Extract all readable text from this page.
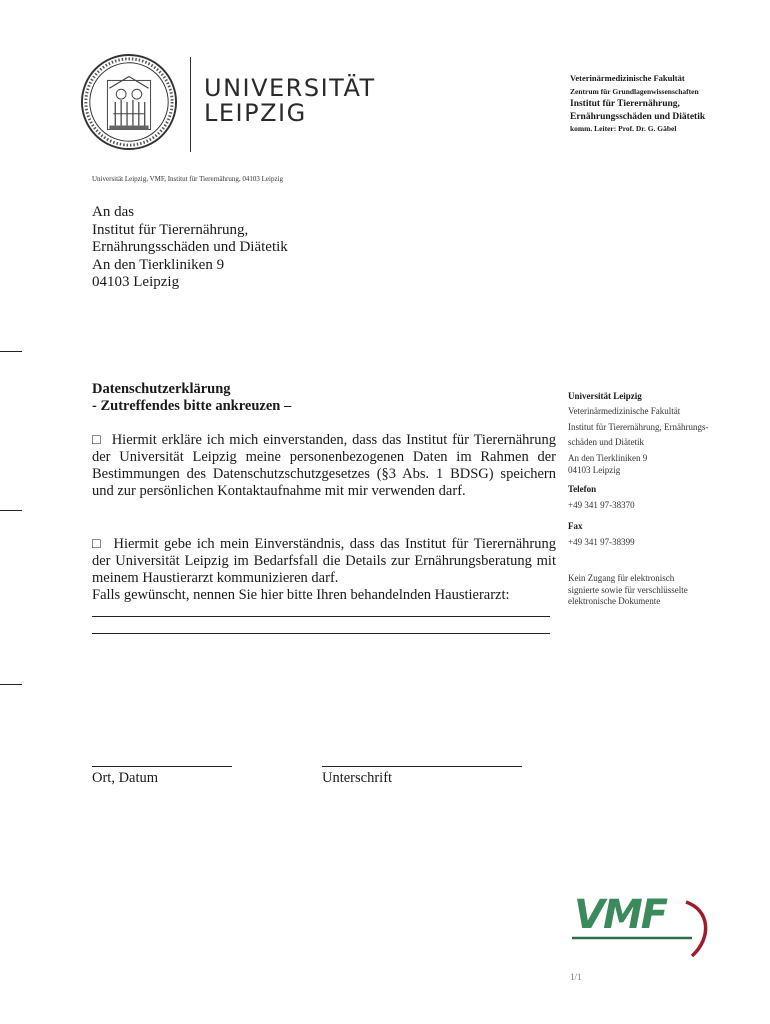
UNIVERSITÄT
LEIPZIG
Veterinärmedizinische Fakultät
Zentrum für Grundlagenwissenschaften
Institut für Tierernährung,
Ernährungsschäden und Diätetik
komm. Leiter: Prof. Dr. G. Gäbel
Universität Leipzig, VMF, Institut für Tierernährung, 04103 Leipzig
An das
Institut für Tierernährung,
Ernährungsschäden und Diätetik
An den Tierkliniken 9
04103 Leipzig
Datenschutzerklärung
- Zutreffendes bitte ankreuzen –
□ Hiermit erkläre ich mich einverstanden, dass das Institut für Tierernährung der Universität Leipzig meine personenbezogenen Daten im Rahmen der Bestimmungen des Datenschutzschutzgesetzes (§3 Abs. 1 BDSG) speichern und zur persönlichen Kontaktaufnahme mit mir verwenden darf.
□ Hiermit gebe ich mein Einverständnis, dass das Institut für Tierernährung der Universität Leipzig im Bedarfsfall die Details zur Ernährungsberatung mit meinem Haustierarzt kommunizieren darf.
Falls gewünscht, nennen Sie hier bitte Ihren behandelnden Haustierarzt:
Ort, Datum	Unterschrift
Universität Leipzig
Veterinärmedizinische Fakultät
Institut für Tierernährung, Ernährungs-
schäden und Diätetik
An den Tierkliniken 9
04103 Leipzig
Telefon
+49 341 97-38370
Fax
+49 341 97-38399
Kein Zugang für elektronisch
signierte sowie für verschlüsselte
elektronische Dokumente
VMF
1/1
